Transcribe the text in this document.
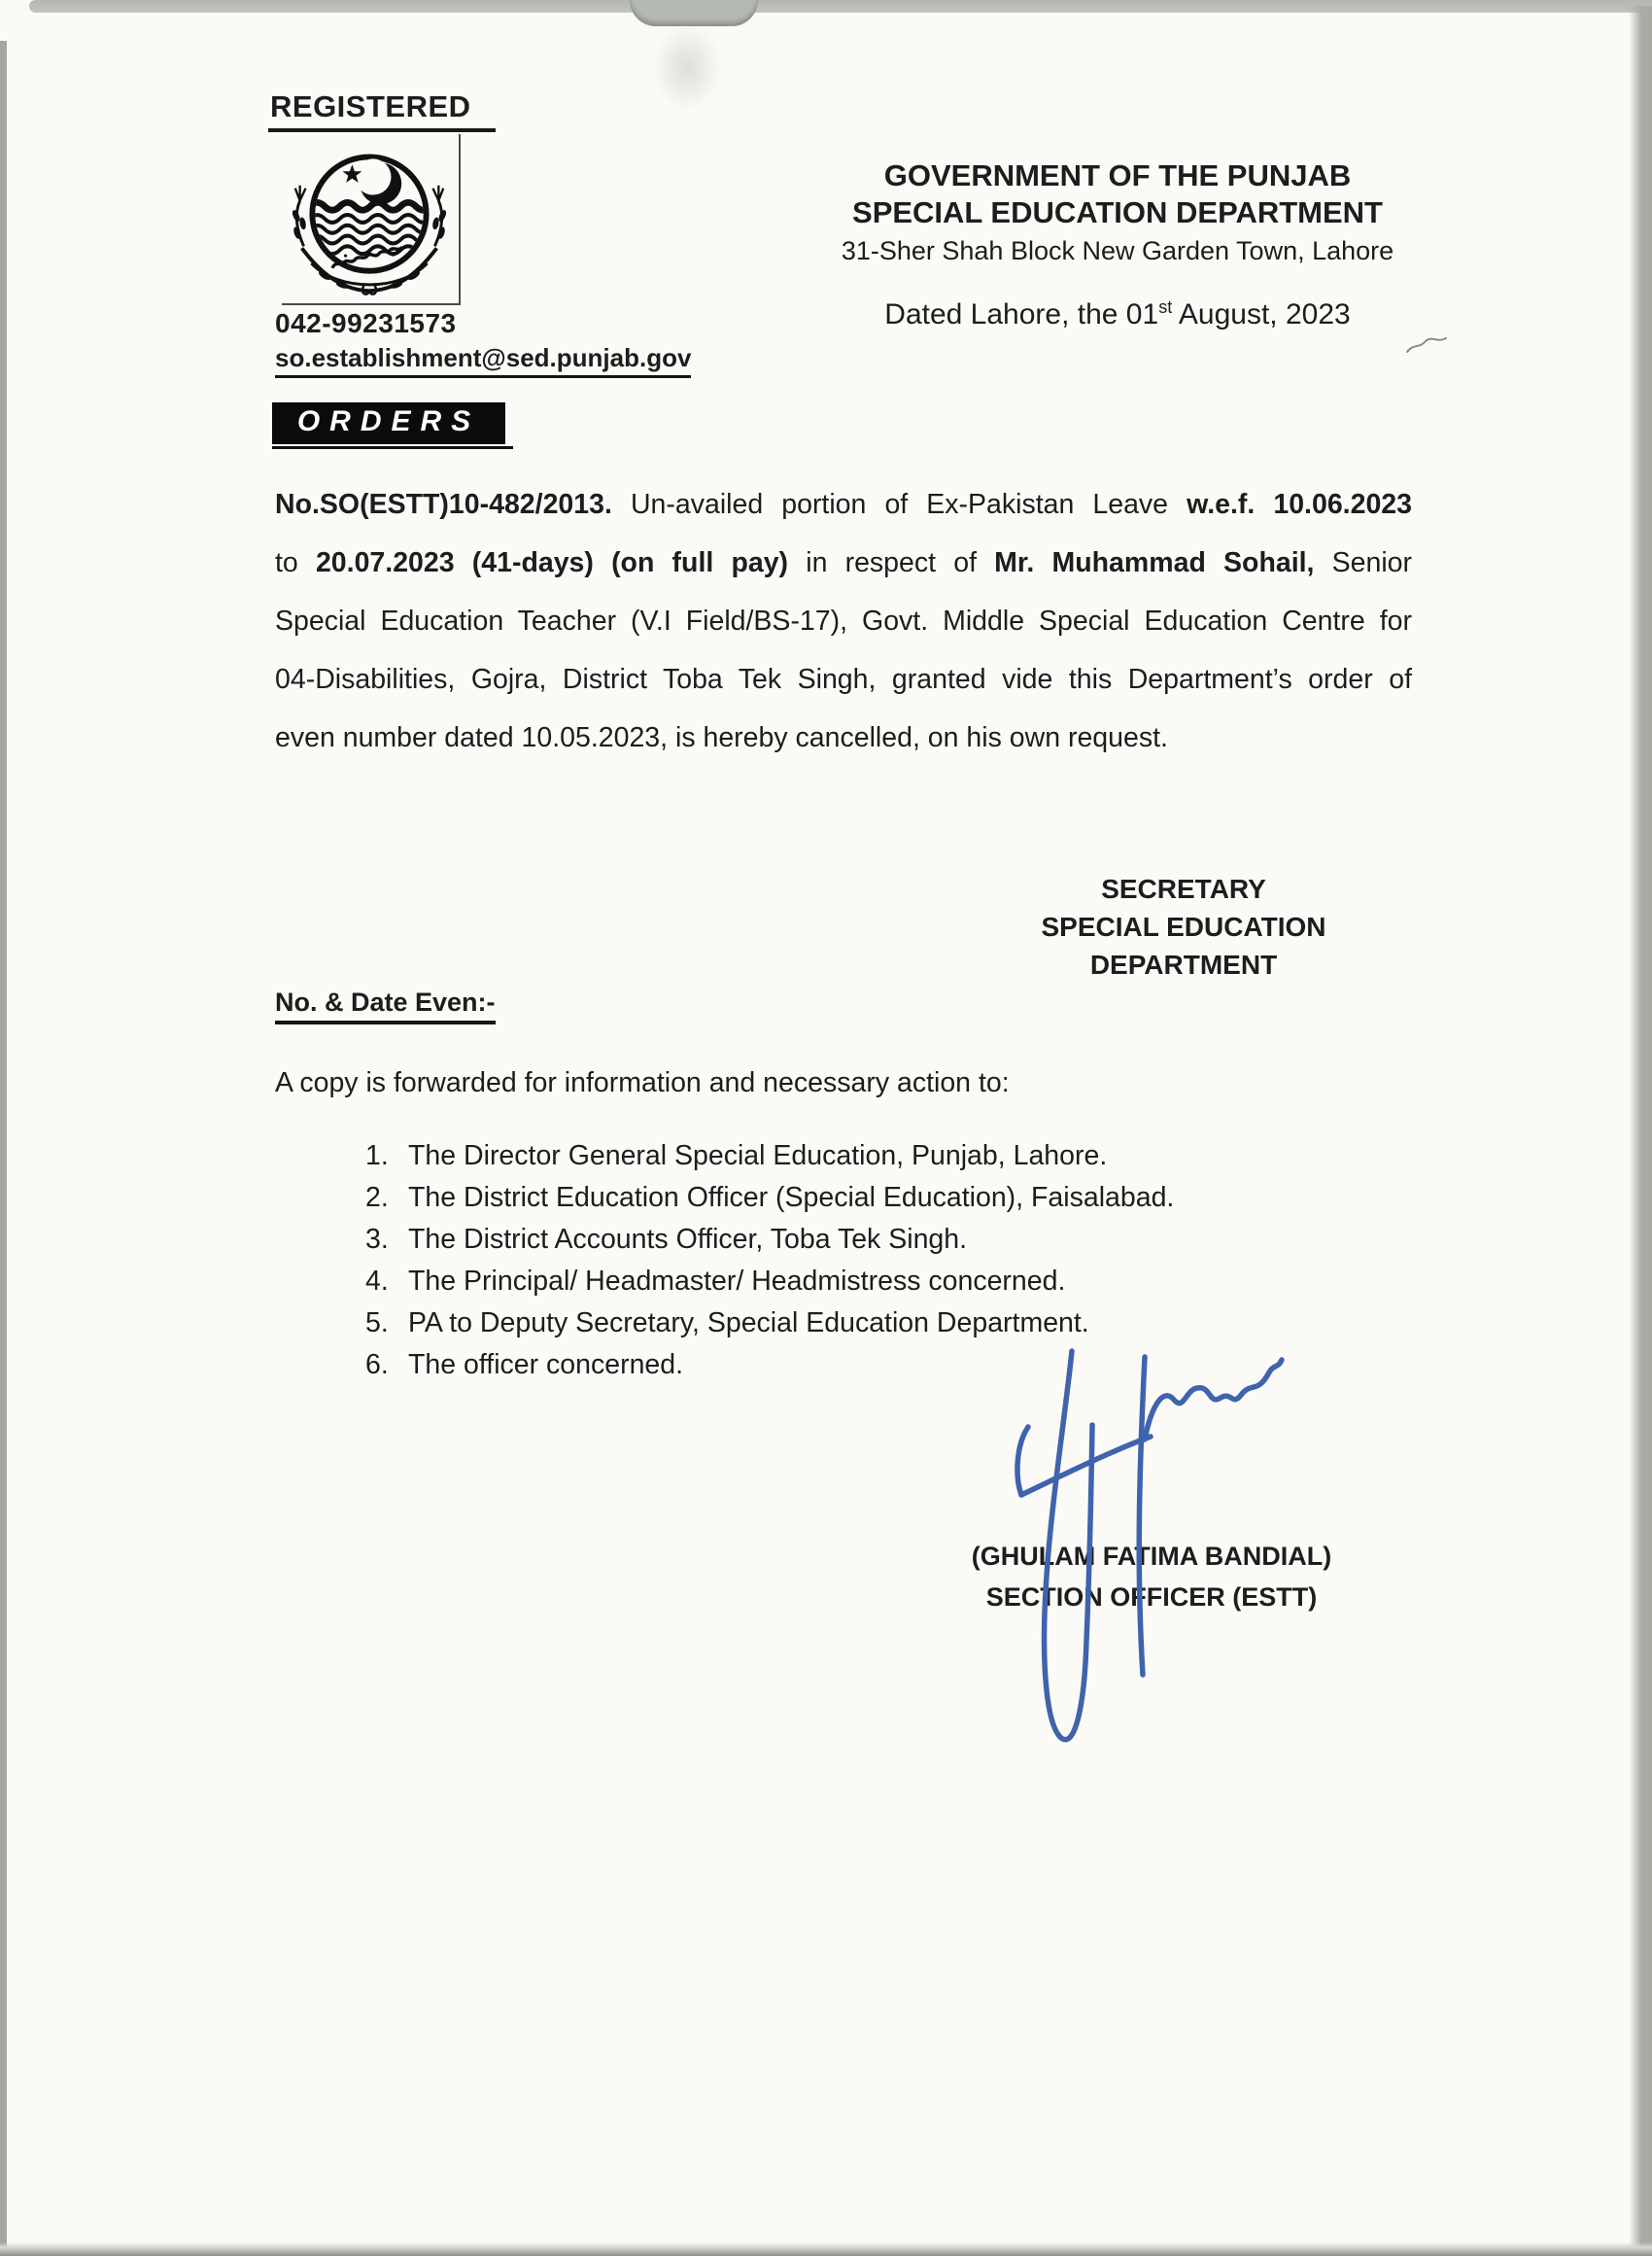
REGISTERED
042-99231573
so.establishment@sed.punjab.gov
GOVERNMENT OF THE PUNJAB
SPECIAL EDUCATION DEPARTMENT
31-Sher Shah Block New Garden Town, Lahore
Dated Lahore, the 01st August, 2023
ORDERS
No.SO(ESTT)10-482/2013. Un-availed portion of Ex-Pakistan Leave w.e.f. 10.06.2023
to 20.07.2023 (41-days) (on full pay) in respect of Mr. Muhammad Sohail, Senior
Special Education Teacher (V.I Field/BS-17), Govt. Middle Special Education Centre for
04-Disabilities, Gojra, District Toba Tek Singh, granted vide this Department’s order of
even number dated 10.05.2023, is hereby cancelled, on his own request.
SECRETARY
SPECIAL EDUCATION
DEPARTMENT
No. & Date Even:-
A copy is forwarded for information and necessary action to:
1. The Director General Special Education, Punjab, Lahore.
2. The District Education Officer (Special Education), Faisalabad.
3. The District Accounts Officer, Toba Tek Singh.
4. The Principal/ Headmaster/ Headmistress concerned.
5. PA to Deputy Secretary, Special Education Department.
6. The officer concerned.
(GHULAM FATIMA BANDIAL)
SECTION OFFICER (ESTT)
